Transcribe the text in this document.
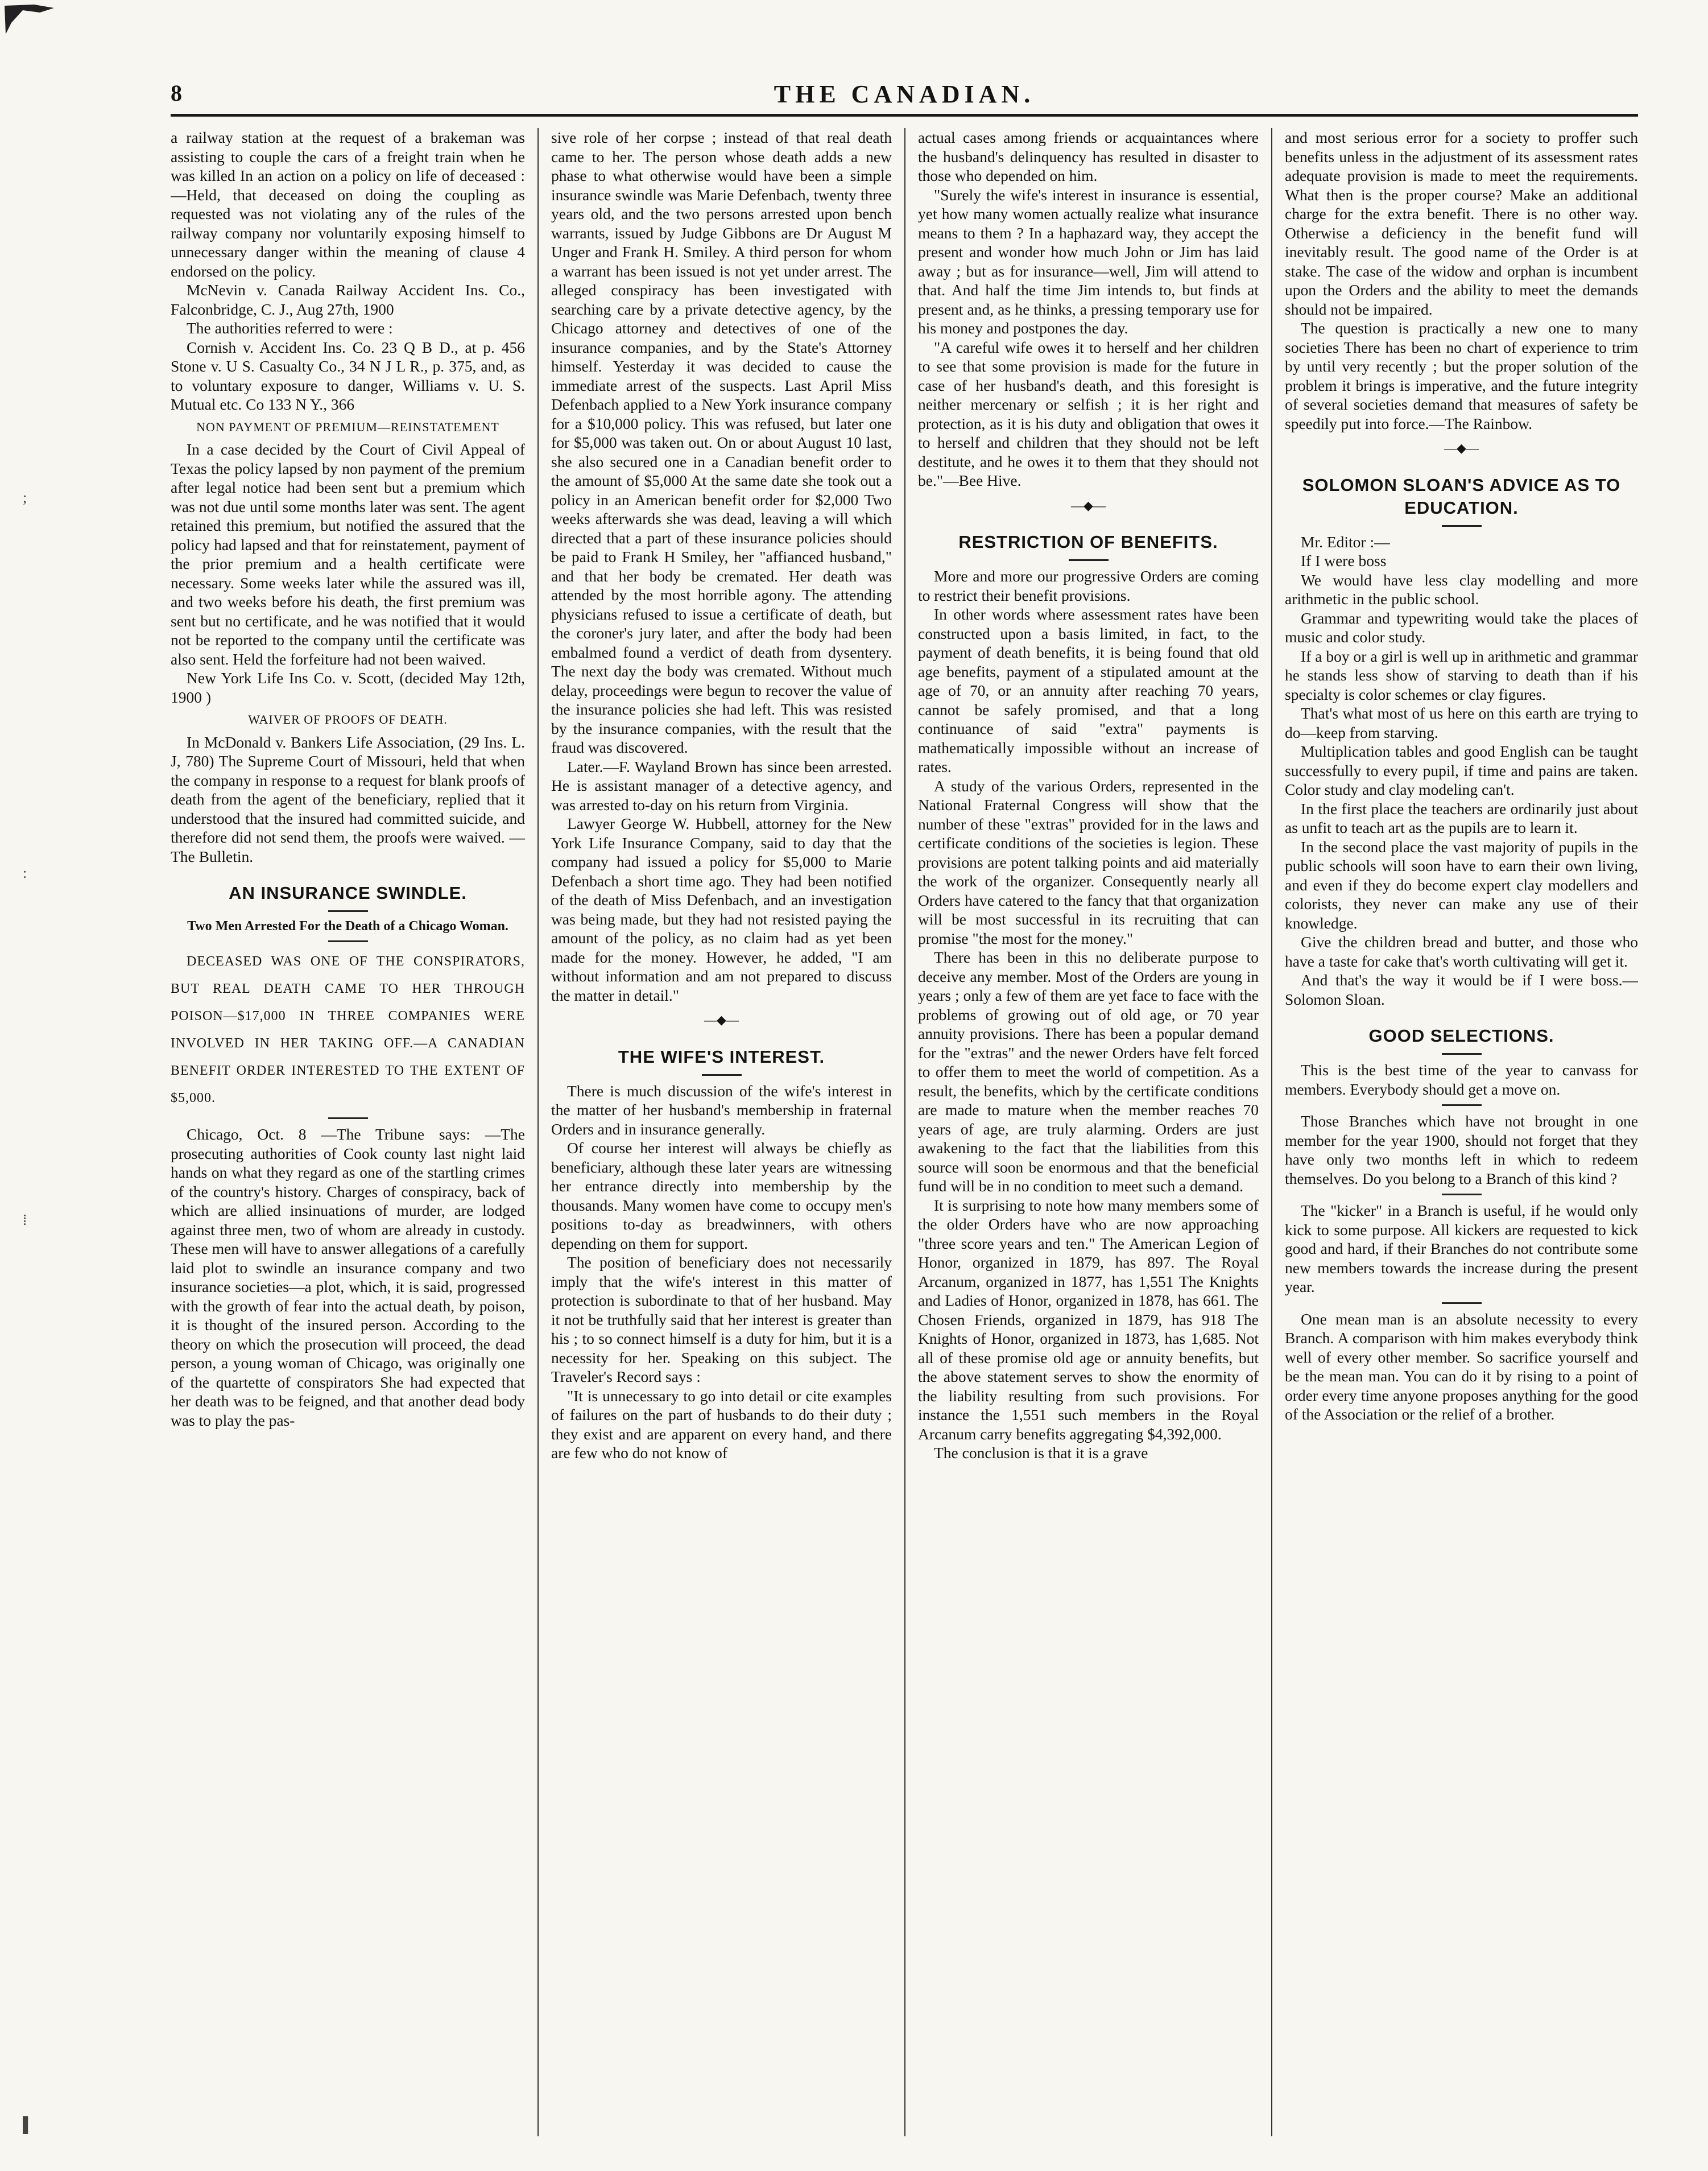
;
:
⁞
▌
8	THE CANADIAN.

a railway station at the request of a brakeman was assisting to couple the cars of a freight train when he was killed In an action on a policy on life of deceased :—Held, that deceased on doing the coupling as requested was not violating any of the rules of the railway company nor voluntarily exposing himself to unnecessary danger within the meaning of clause 4 endorsed on the policy.

McNevin v. Canada Railway Accident Ins. Co., Falconbridge, C. J., Aug 27th, 1900

The authorities referred to were :

Cornish v. Accident Ins. Co. 23 Q B D., at p. 456 Stone v. U S. Casualty Co., 34 N J L R., p. 375, and, as to voluntary exposure to danger, Williams v. U. S. Mutual etc. Co 133 N Y., 366

NON PAYMENT OF PREMIUM—REINSTATEMENT

In a case decided by the Court of Civil Appeal of Texas the policy lapsed by non payment of the premium after legal notice had been sent but a premium which was not due until some months later was sent. The agent retained this premium, but notified the assured that the policy had lapsed and that for reinstatement, payment of the prior premium and a health certificate were necessary. Some weeks later while the assured was ill, and two weeks before his death, the first premium was sent but no certificate, and he was notified that it would not be reported to the company until the certificate was also sent. Held the forfeiture had not been waived.

New York Life Ins Co. v. Scott, (decided May 12th, 1900 )

WAIVER OF PROOFS OF DEATH.

In McDonald v. Bankers Life Association, (29 Ins. L. J, 780) The Supreme Court of Missouri, held that when the company in response to a request for blank proofs of death from the agent of the beneficiary, replied that it understood that the insured had committed suicide, and therefore did not send them, the proofs were waived. —The Bulletin.

AN INSURANCE SWINDLE.
Two Men Arrested For the Death of a Chicago Woman.

DECEASED WAS ONE OF THE CONSPIRATORS, BUT REAL DEATH CAME TO HER THROUGH POISON—$17,000 IN THREE COMPANIES WERE INVOLVED IN HER TAKING OFF.—A CANADIAN BENEFIT ORDER INTERESTED TO THE EXTENT OF $5,000.

Chicago, Oct. 8 —The Tribune says: —The prosecuting authorities of Cook county last night laid hands on what they regard as one of the startling crimes of the country's history. Charges of conspiracy, back of which are allied insinuations of murder, are lodged against three men, two of whom are already in custody. These men will have to answer allegations of a carefully laid plot to swindle an insurance company and two insurance societies—a plot, which, it is said, progressed with the growth of fear into the actual death, by poison, it is thought of the insured person. According to the theory on which the prosecution will proceed, the dead person, a young woman of Chicago, was originally one of the quartette of conspirators She had expected that her death was to be feigned, and that another dead body was to play the pas-

sive role of her corpse ; instead of that real death came to her. The person whose death adds a new phase to what otherwise would have been a simple insurance swindle was Marie Defenbach, twenty three years old, and the two persons arrested upon bench warrants, issued by Judge Gibbons are Dr August M Unger and Frank H. Smiley. A third person for whom a warrant has been issued is not yet under arrest. The alleged conspiracy has been investigated with searching care by a private detective agency, by the Chicago attorney and detectives of one of the insurance companies, and by the State's Attorney himself. Yesterday it was decided to cause the immediate arrest of the suspects. Last April Miss Defenbach applied to a New York insurance company for a $10,000 policy. This was refused, but later one for $5,000 was taken out. On or about August 10 last, she also secured one in a Canadian benefit order to the amount of $5,000 At the same date she took out a policy in an American benefit order for $2,000 Two weeks afterwards she was dead, leaving a will which directed that a part of these insurance policies should be paid to Frank H Smiley, her "affianced husband," and that her body be cremated. Her death was attended by the most horrible agony. The attending physicians refused to issue a certificate of death, but the coroner's jury later, and after the body had been embalmed found a verdict of death from dysentery. The next day the body was cremated. Without much delay, proceedings were begun to recover the value of the insurance policies she had left. This was resisted by the insurance companies, with the result that the fraud was discovered.

Later.—F. Wayland Brown has since been arrested. He is assistant manager of a detective agency, and was arrested to-day on his return from Virginia.

Lawyer George W. Hubbell, attorney for the New York Life Insurance Company, said to day that the company had issued a policy for $5,000 to Marie Defenbach a short time ago. They had been notified of the death of Miss Defenbach, and an investigation was being made, but they had not resisted paying the amount of the policy, as no claim had as yet been made for the money. However, he added, "I am without information and am not prepared to discuss the matter in detail."

—◆—
THE WIFE'S INTEREST.

There is much discussion of the wife's interest in the matter of her husband's membership in fraternal Orders and in insurance generally.

Of course her interest will always be chiefly as beneficiary, although these later years are witnessing her entrance directly into membership by the thousands. Many women have come to occupy men's positions to-day as breadwinners, with others depending on them for support.

The position of beneficiary does not necessarily imply that the wife's interest in this matter of protection is subordinate to that of her husband. May it not be truthfully said that her interest is greater than his ; to so connect himself is a duty for him, but it is a necessity for her. Speaking on this subject. The Traveler's Record says :

"It is unnecessary to go into detail or cite examples of failures on the part of husbands to do their duty ; they exist and are apparent on every hand, and there are few who do not know of

actual cases among friends or acquaintances where the husband's delinquency has resulted in disaster to those who depended on him.

"Surely the wife's interest in insurance is essential, yet how many women actually realize what insurance means to them ? In a haphazard way, they accept the present and wonder how much John or Jim has laid away ; but as for insurance—well, Jim will attend to that. And half the time Jim intends to, but finds at present and, as he thinks, a pressing temporary use for his money and postpones the day.

"A careful wife owes it to herself and her children to see that some provision is made for the future in case of her husband's death, and this foresight is neither mercenary or selfish ; it is her right and protection, as it is his duty and obligation that owes it to herself and children that they should not be left destitute, and he owes it to them that they should not be."—Bee Hive.

—◆—
RESTRICTION OF BENEFITS.

More and more our progressive Orders are coming to restrict their benefit provisions.

In other words where assessment rates have been constructed upon a basis limited, in fact, to the payment of death benefits, it is being found that old age benefits, payment of a stipulated amount at the age of 70, or an annuity after reaching 70 years, cannot be safely promised, and that a long continuance of said "extra" payments is mathematically impossible without an increase of rates.

A study of the various Orders, represented in the National Fraternal Congress will show that the number of these "extras" provided for in the laws and certificate conditions of the societies is legion. These provisions are potent talking points and aid materially the work of the organizer. Consequently nearly all Orders have catered to the fancy that that organization will be most successful in its recruiting that can promise "the most for the money."

There has been in this no deliberate purpose to deceive any member. Most of the Orders are young in years ; only a few of them are yet face to face with the problems of growing out of old age, or 70 year annuity provisions. There has been a popular demand for the "extras" and the newer Orders have felt forced to offer them to meet the world of competition. As a result, the benefits, which by the certificate conditions are made to mature when the member reaches 70 years of age, are truly alarming. Orders are just awakening to the fact that the liabilities from this source will soon be enormous and that the beneficial fund will be in no condition to meet such a demand.

It is surprising to note how many members some of the older Orders have who are now approaching "three score years and ten." The American Legion of Honor, organized in 1879, has 897. The Royal Arcanum, organized in 1877, has 1,551 The Knights and Ladies of Honor, organized in 1878, has 661. The Chosen Friends, organized in 1879, has 918 The Knights of Honor, organized in 1873, has 1,685. Not all of these promise old age or annuity benefits, but the above statement serves to show the enormity of the liability resulting from such provisions. For instance the 1,551 such members in the Royal Arcanum carry benefits aggregating $4,392,000.

The conclusion is that it is a grave

and most serious error for a society to proffer such benefits unless in the adjustment of its assessment rates adequate provision is made to meet the requirements. What then is the proper course? Make an additional charge for the extra benefit. There is no other way. Otherwise a deficiency in the benefit fund will inevitably result. The good name of the Order is at stake. The case of the widow and orphan is incumbent upon the Orders and the ability to meet the demands should not be impaired.

The question is practically a new one to many societies There has been no chart of experience to trim by until very recently ; but the proper solution of the problem it brings is imperative, and the future integrity of several societies demand that measures of safety be speedily put into force.—The Rainbow.

—◆—
SOLOMON SLOAN'S ADVICE AS TO EDUCATION.

Mr. Editor :—

If I were boss

We would have less clay modelling and more arithmetic in the public school.

Grammar and typewriting would take the places of music and color study.

If a boy or a girl is well up in arithmetic and grammar he stands less show of starving to death than if his specialty is color schemes or clay figures.

That's what most of us here on this earth are trying to do—keep from starving.

Multiplication tables and good English can be taught successfully to every pupil, if time and pains are taken. Color study and clay modeling can't.

In the first place the teachers are ordinarily just about as unfit to teach art as the pupils are to learn it.

In the second place the vast majority of pupils in the public schools will soon have to earn their own living, and even if they do become expert clay modellers and colorists, they never can make any use of their knowledge.

Give the children bread and butter, and those who have a taste for cake that's worth cultivating will get it.

And that's the way it would be if I were boss.—Solomon Sloan.

GOOD SELECTIONS.

This is the best time of the year to canvass for members. Everybody should get a move on.

Those Branches which have not brought in one member for the year 1900, should not forget that they have only two months left in which to redeem themselves. Do you belong to a Branch of this kind ?

The "kicker" in a Branch is useful, if he would only kick to some purpose. All kickers are requested to kick good and hard, if their Branches do not contribute some new members towards the increase during the present year.

One mean man is an absolute necessity to every Branch. A comparison with him makes everybody think well of every other member. So sacrifice yourself and be the mean man. You can do it by rising to a point of order every time anyone proposes anything for the good of the Association or the relief of a brother.
